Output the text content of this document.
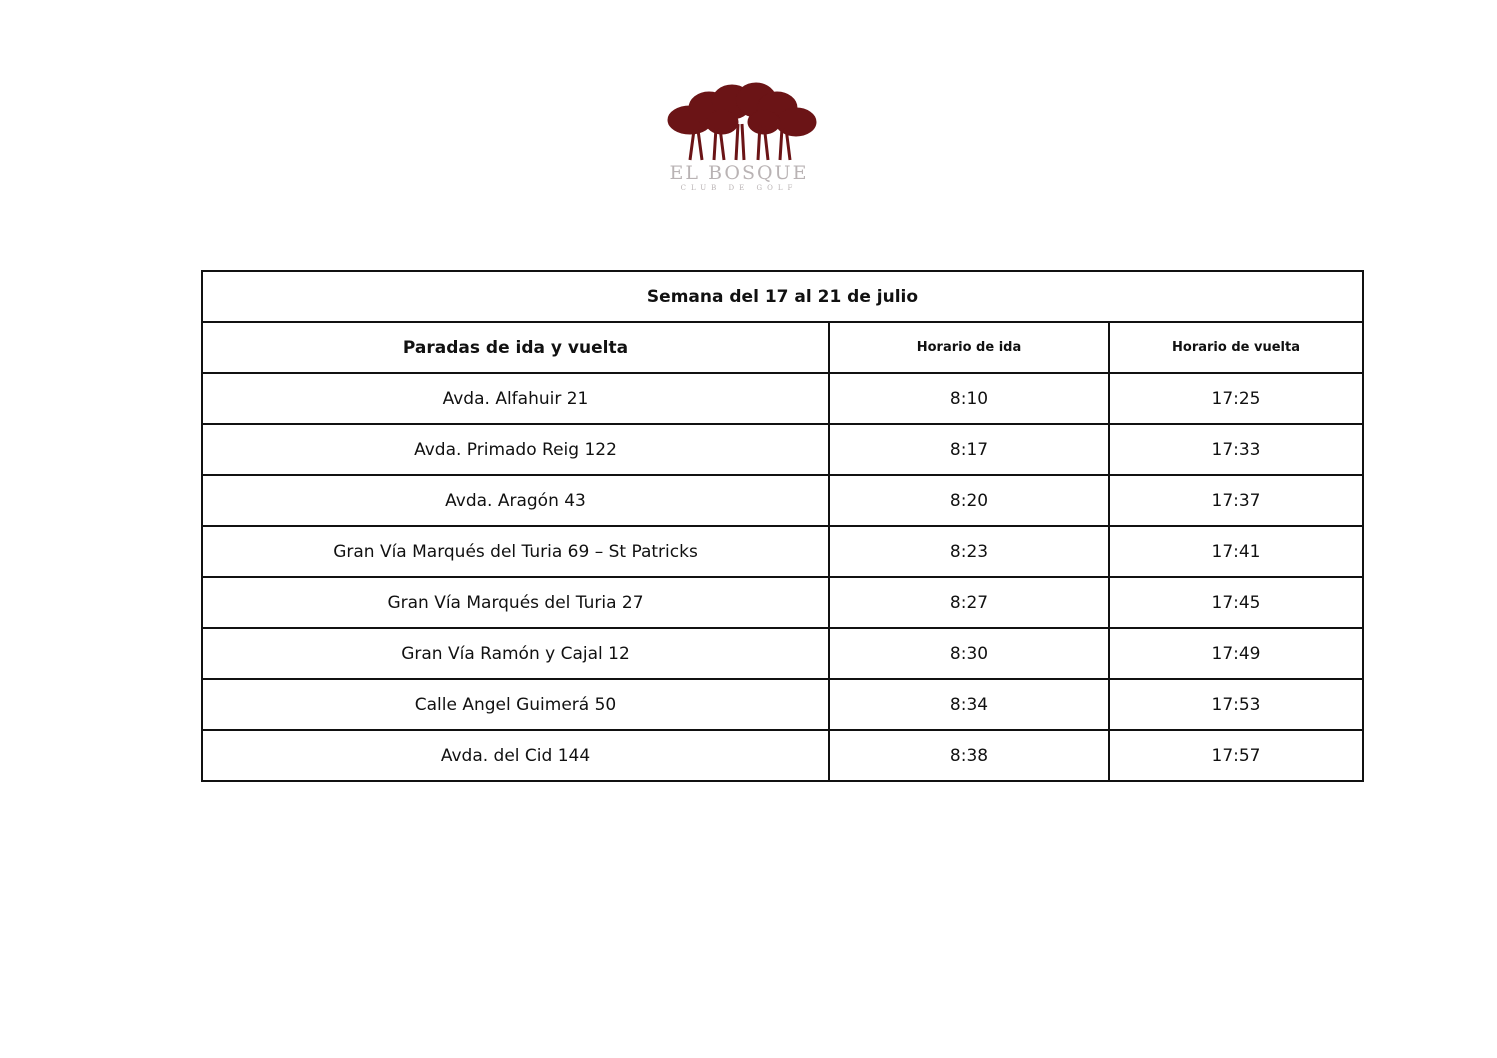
EL BOSQUE
CLUB DE GOLF
Semana del 17 al 21 de julio		
Paradas de ida y vuelta	Horario de ida	Horario de vuelta
Avda. Alfahuir 21	8:10	17:25
Avda. Primado Reig 122	8:17	17:33
Avda. Aragón 43	8:20	17:37
Gran Vía Marqués del Turia 69 – St Patricks	8:23	17:41
Gran Vía Marqués del Turia 27	8:27	17:45
Gran Vía Ramón y Cajal 12	8:30	17:49
Calle Angel Guimerá 50	8:34	17:53
Avda. del Cid 144	8:38	17:57
